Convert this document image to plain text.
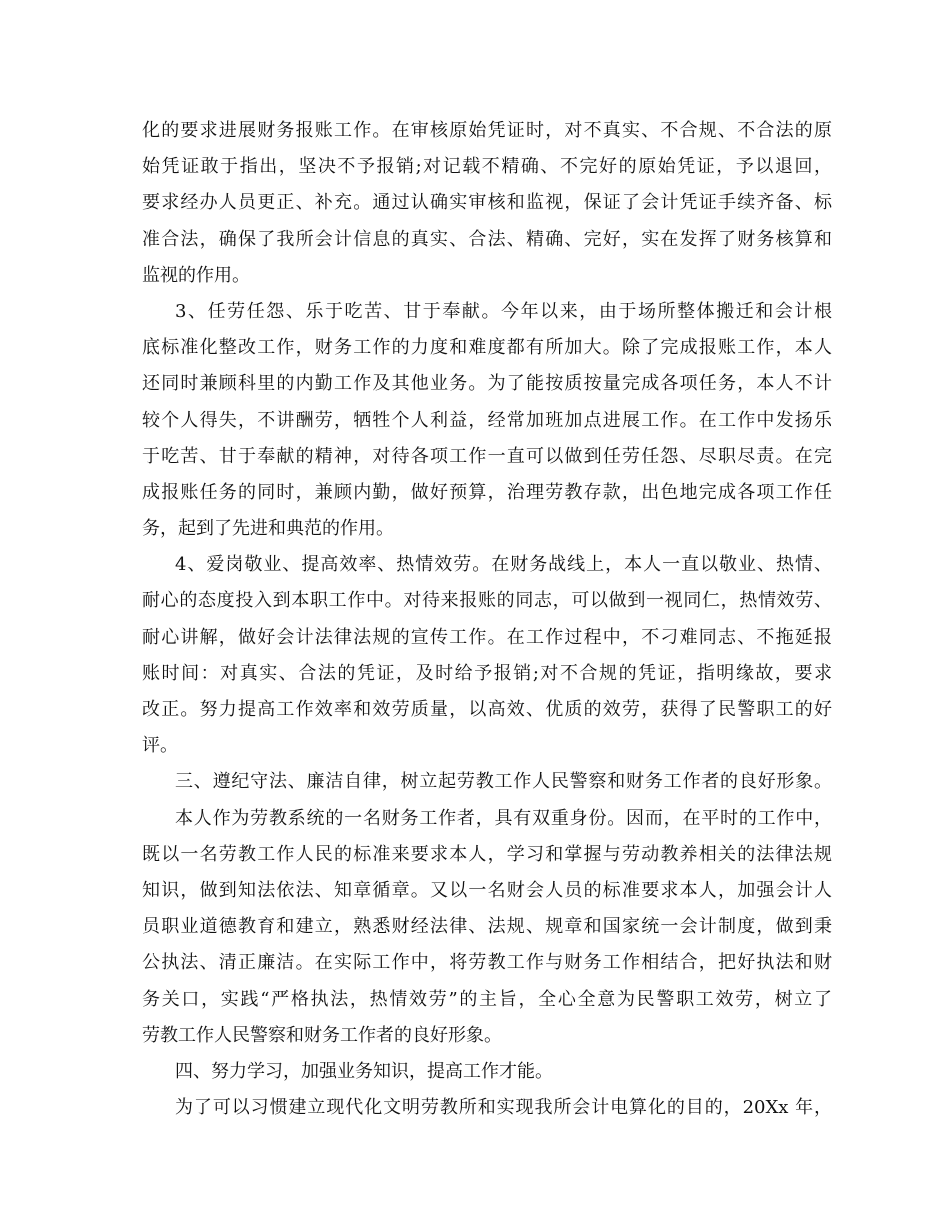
化的要求进展财务报账工作。在审核原始凭证时，对不真实、不合规、不合法的原
始凭证敢于指出，坚决不予报销;对记载不精确、不完好的原始凭证，予以退回，
要求经办人员更正、补充。通过认确实审核和监视，保证了会计凭证手续齐备、标
准合法，确保了我所会计信息的真实、合法、精确、完好，实在发挥了财务核算和
监视的作用。
3、任劳任怨、乐于吃苦、甘于奉献。今年以来，由于场所整体搬迁和会计根
底标准化整改工作，财务工作的力度和难度都有所加大。除了完成报账工作，本人
还同时兼顾科里的内勤工作及其他业务。为了能按质按量完成各项任务，本人不计
较个人得失，不讲酬劳，牺牲个人利益，经常加班加点进展工作。在工作中发扬乐
于吃苦、甘于奉献的精神，对待各项工作一直可以做到任劳任怨、尽职尽责。在完
成报账任务的同时，兼顾内勤，做好预算，治理劳教存款，出色地完成各项工作任
务，起到了先进和典范的作用。
4、爱岗敬业、提高效率、热情效劳。在财务战线上，本人一直以敬业、热情、
耐心的态度投入到本职工作中。对待来报账的同志，可以做到一视同仁，热情效劳、
耐心讲解，做好会计法律法规的宣传工作。在工作过程中，不刁难同志、不拖延报
账时间：对真实、合法的凭证，及时给予报销;对不合规的凭证，指明缘故，要求
改正。努力提高工作效率和效劳质量，以高效、优质的效劳，获得了民警职工的好
评。
三、遵纪守法、廉洁自律，树立起劳教工作人民警察和财务工作者的良好形象。
本人作为劳教系统的一名财务工作者，具有双重身份。因而，在平时的工作中，
既以一名劳教工作人民的标准来要求本人，学习和掌握与劳动教养相关的法律法规
知识，做到知法依法、知章循章。又以一名财会人员的标准要求本人，加强会计人
员职业道德教育和建立，熟悉财经法律、法规、规章和国家统一会计制度，做到秉
公执法、清正廉洁。在实际工作中，将劳教工作与财务工作相结合，把好执法和财
务关口，实践“严格执法，热情效劳”的主旨，全心全意为民警职工效劳，树立了
劳教工作人民警察和财务工作者的良好形象。
四、努力学习，加强业务知识，提高工作才能。
为了可以习惯建立现代化文明劳教所和实现我所会计电算化的目的，20Xx 年，
